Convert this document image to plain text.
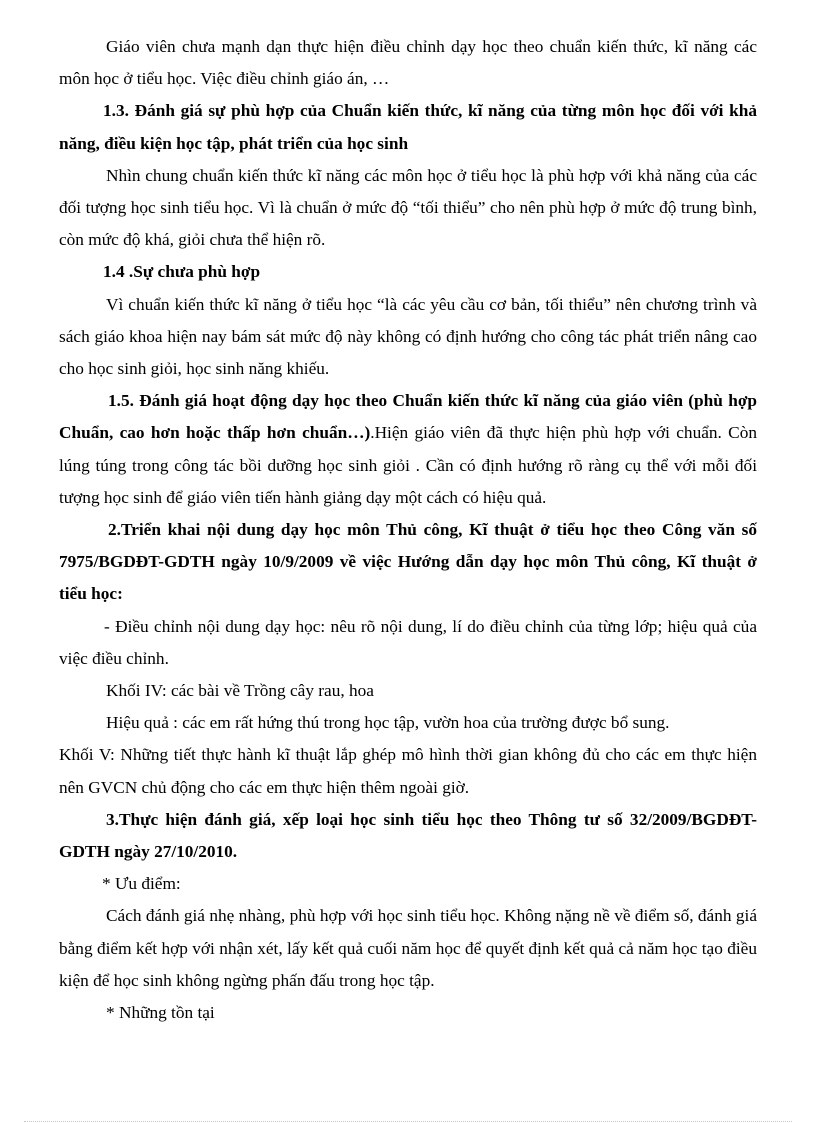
Giáo viên chưa mạnh dạn thực hiện điều chỉnh dạy học theo chuẩn kiến thức, kĩ năng các môn học ở tiểu học. Việc điều chỉnh giáo án, …

1.3. Đánh giá sự phù hợp của Chuẩn kiến thức, kĩ năng của từng môn học đối với khả năng, điều kiện học tập, phát triển của học sinh

Nhìn chung chuẩn kiến thức kĩ năng các môn học ở tiểu học là phù hợp với khả năng của các đối tượng học sinh tiểu học. Vì là chuẩn ở mức độ “tối thiểu” cho nên phù hợp ở mức độ trung bình, còn mức độ khá, giỏi chưa thể hiện rõ.

1.4 .Sự chưa phù hợp

Vì chuẩn kiến thức kĩ năng ở tiểu học “là các yêu cầu cơ bản, tối thiểu” nên chương trình và sách giáo khoa hiện nay bám sát mức độ này không có định hướng cho công tác phát triển nâng cao cho học sinh giỏi, học sinh năng khiếu.

1.5. Đánh giá hoạt động dạy học theo Chuẩn kiến thức kĩ năng của giáo viên (phù hợp Chuẩn, cao hơn hoặc thấp hơn chuẩn…).Hiện giáo viên đã thực hiện phù hợp với chuẩn. Còn lúng túng trong công tác bồi dưỡng học sinh giỏi . Cần có định hướng rõ ràng cụ thể với mỗi đối tượng học sinh để giáo viên tiến hành giảng dạy một cách có hiệu quả.

2.Triển khai nội dung dạy học môn Thủ công, Kĩ thuật ở tiểu học theo Công văn số 7975/BGDĐT-GDTH ngày 10/9/2009 về việc Hướng dẫn dạy học môn Thủ công, Kĩ thuật ở tiểu học:

- Điều chỉnh nội dung dạy học: nêu rõ nội dung, lí do điều chỉnh của từng lớp; hiệu quả của việc điều chỉnh.

Khối IV: các bài về Trồng cây rau, hoa

Hiệu quả : các em rất hứng thú trong học tập, vườn hoa của trường được bổ sung.

Khối V: Những tiết thực hành kĩ thuật lắp ghép mô hình thời gian không đủ cho các em thực hiện nên GVCN chủ động cho các em thực hiện thêm ngoài giờ.

3.Thực hiện đánh giá, xếp loại học sinh tiểu học theo Thông tư số 32/2009/BGDĐT-GDTH ngày 27/10/2010.

* Ưu điểm:

Cách đánh giá nhẹ nhàng, phù hợp với học sinh tiểu học. Không nặng nề về điểm số, đánh giá bằng điểm kết hợp với nhận xét, lấy kết quả cuối năm học để quyết định kết quả cả năm học tạo điều kiện để học sinh không ngừng phấn đấu trong học tập.

* Những tồn tại
